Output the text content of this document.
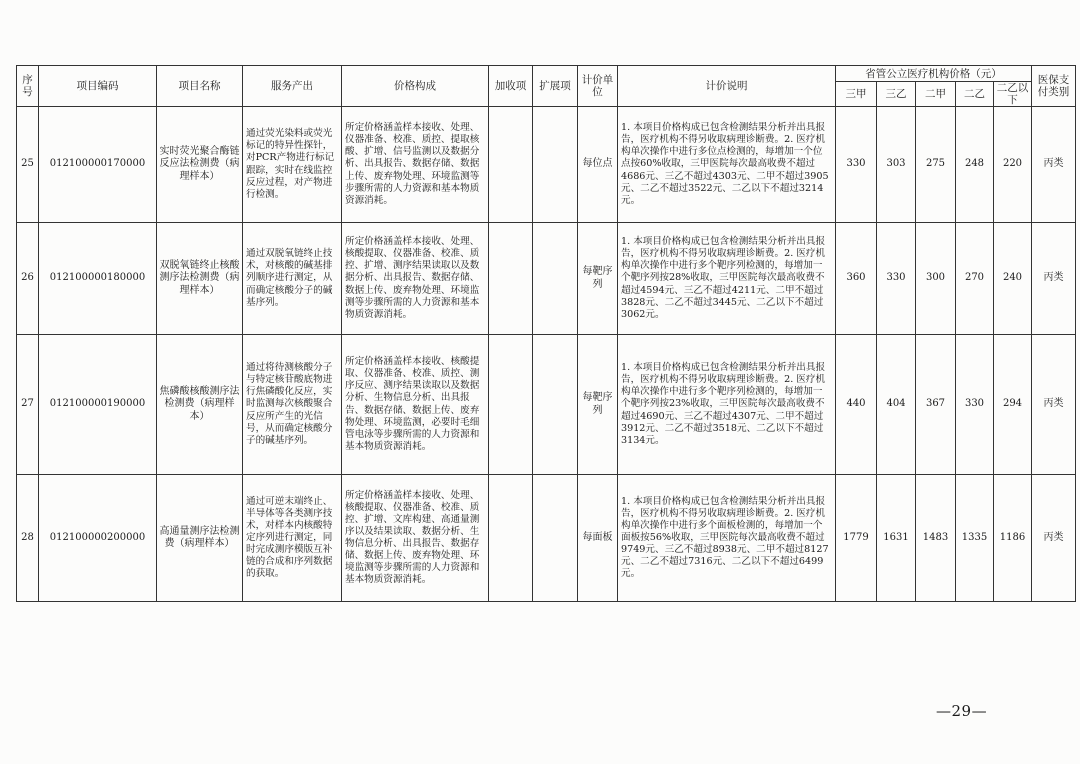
序号	项目编码	项目名称	服务产出	价格构成	加收项	扩展项	计价单位	计价说明	省管公立医疗机构价格（元）					医保支付类别
									三甲	三乙	二甲	二乙	二乙以下	
25	012100000170000	实时荧光聚合酶链反应法检测费（病理样本）	通过荧光染料或荧光标记的特异性探针，对PCR产物进行标记跟踪，实时在线监控反应过程，对产物进行检测。	所定价格涵盖样本接收、处理、仪器准备、校准、质控、提取核酸、扩增、信号监测以及数据分析、出具报告、数据存储、数据上传、废弃物处理、环境监测等步骤所需的人力资源和基本物质资源消耗。			每位点	1. 本项目价格构成已包含检测结果分析并出具报告，医疗机构不得另收取病理诊断费。2. 医疗机构单次操作中进行多位点检测的，每增加一个位点按60%收取，三甲医院每次最高收费不超过4686元、三乙不超过4303元、二甲不超过3905元、二乙不超过3522元、二乙以下不超过3214元。	330	303	275	248	220	丙类
26	012100000180000	双脱氧链终止核酸测序法检测费（病理样本）	通过双脱氧链终止技术，对核酸的碱基排列顺序进行测定，从而确定核酸分子的碱基序列。	所定价格涵盖样本接收、处理、核酸提取、仪器准备、校准、质控、扩增、测序结果读取以及数据分析、出具报告、数据存储、数据上传、废弃物处理、环境监测等步骤所需的人力资源和基本物质资源消耗。			每靶序列	1. 本项目价格构成已包含检测结果分析并出具报告，医疗机构不得另收取病理诊断费。2. 医疗机构单次操作中进行多个靶序列检测的，每增加一个靶序列按28%收取，三甲医院每次最高收费不超过4594元、三乙不超过4211元、二甲不超过3828元、二乙不超过3445元、二乙以下不超过3062元。	360	330	300	270	240	丙类
27	012100000190000	焦磷酸核酸测序法检测费（病理样本）	通过将待测核酸分子与特定核苷酸底物进行焦磷酸化反应，实时监测每次核酸聚合反应所产生的光信号，从而确定核酸分子的碱基序列。	所定价格涵盖样本接收、核酸提取、仪器准备、校准、质控、测序反应、测序结果读取以及数据分析、生物信息分析、出具报告、数据存储、数据上传、废弃物处理、环境监测，必要时毛细管电泳等步骤所需的人力资源和基本物质资源消耗。			每靶序列	1. 本项目价格构成已包含检测结果分析并出具报告，医疗机构不得另收取病理诊断费。2. 医疗机构单次操作中进行多个靶序列检测的，每增加一个靶序列按23%收取，三甲医院每次最高收费不超过4690元、三乙不超过4307元、二甲不超过3912元、二乙不超过3518元、二乙以下不超过3134元。	440	404	367	330	294	丙类
28	012100000200000	高通量测序法检测费（病理样本）	通过可逆末端终止、半导体等各类测序技术，对样本内核酸特定序列进行测定，同时完成测序模版互补链的合成和序列数据的获取。	所定价格涵盖样本接收、处理、核酸提取、仪器准备、校准、质控、扩增、文库构建、高通量测序以及结果读取、数据分析、生物信息分析、出具报告、数据存储、数据上传、废弃物处理、环境监测等步骤所需的人力资源和基本物质资源消耗。			每面板	1. 本项目价格构成已包含检测结果分析并出具报告，医疗机构不得另收取病理诊断费。2. 医疗机构单次操作中进行多个面板检测的，每增加一个面板按56%收取，三甲医院每次最高收费不超过9749元、三乙不超过8938元、二甲不超过8127元、二乙不超过7316元、二乙以下不超过6499元。	1779	1631	1483	1335	1186	丙类
—29—
